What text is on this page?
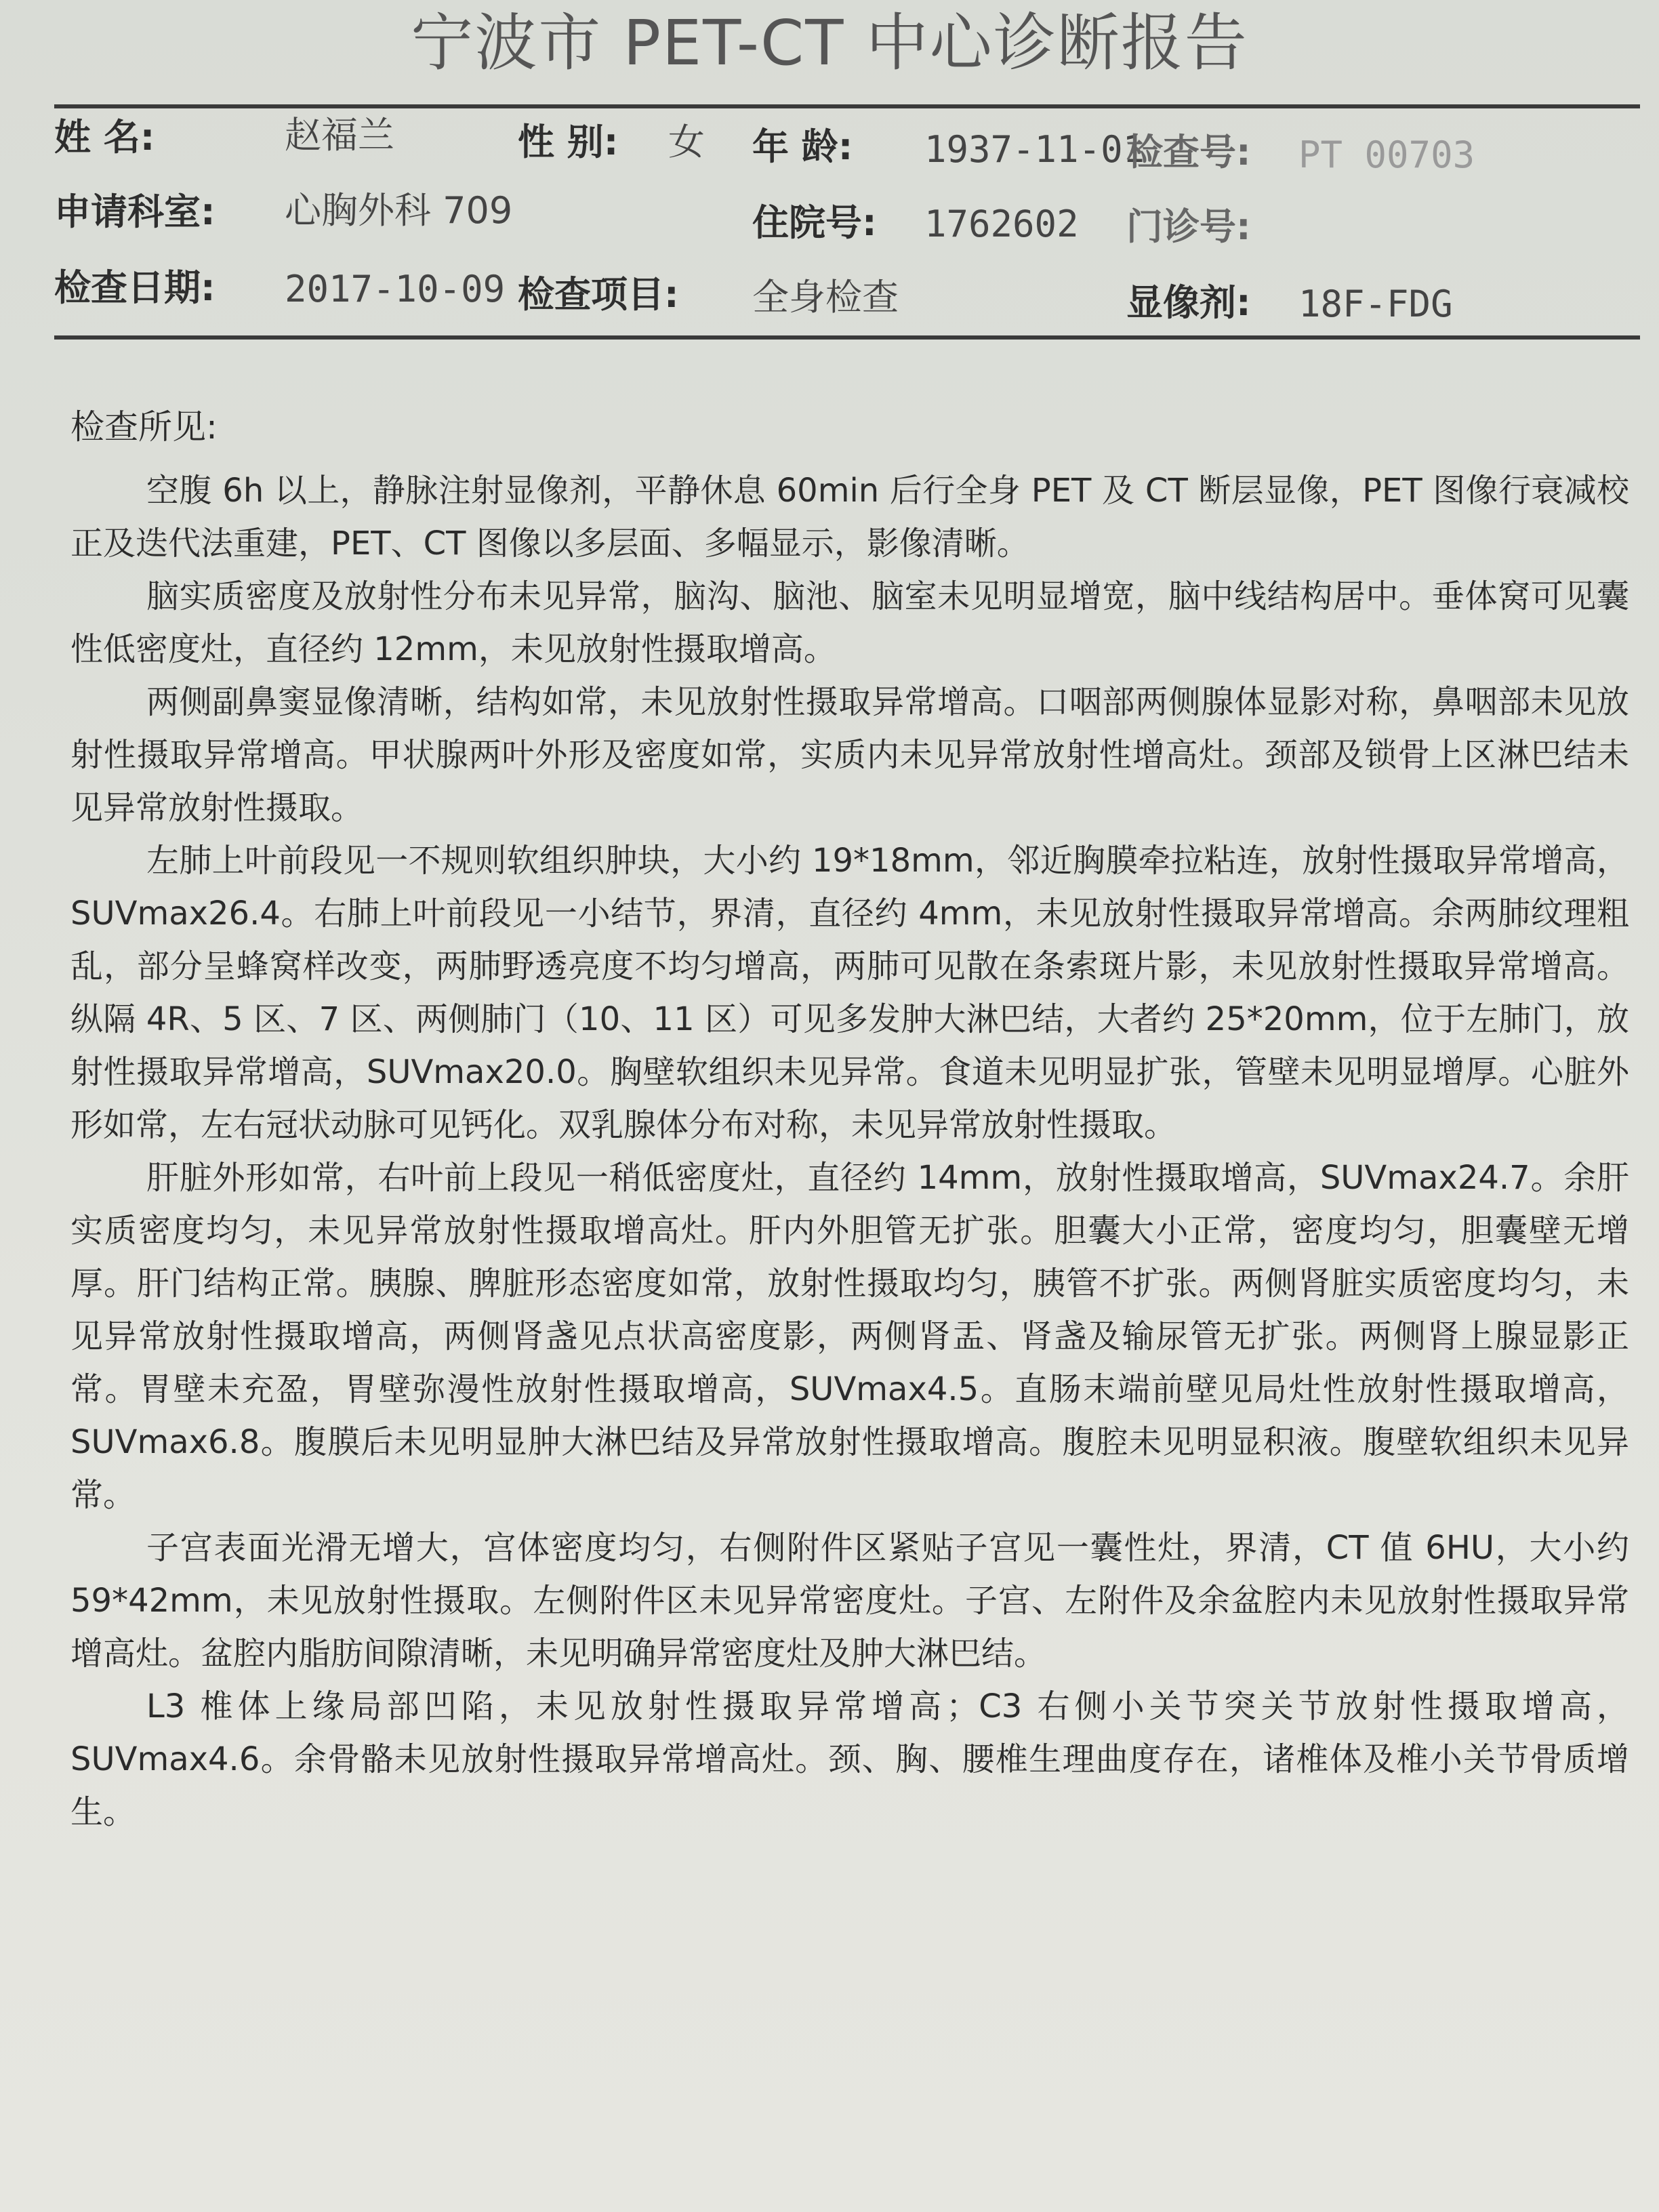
宁波市 PET-CT 中心诊断报告
姓 名:	赵福兰	性 别: 女 年 龄: 1937-11-01
检查号: PT 00703
申请科室: 心胸外科 709	住院号: 1762602 门诊号:
检查日期: 2017-10-09 检查项目: 全身检查	显像剂: 18F-FDG
检查所见:

空腹 6h 以上，静脉注射显像剂，平静休息 60min 后行全身 PET 及 CT 断层显像，PET 图像行衰减校正及迭代法重建，PET、CT 图像以多层面、多幅显示，影像清晰。

脑实质密度及放射性分布未见异常，脑沟、脑池、脑室未见明显增宽，脑中线结构居中。垂体窝可见囊性低密度灶，直径约 12mm，未见放射性摄取增高。

两侧副鼻窦显像清晰，结构如常，未见放射性摄取异常增高。口咽部两侧腺体显影对称，鼻咽部未见放射性摄取异常增高。甲状腺两叶外形及密度如常，实质内未见异常放射性增高灶。颈部及锁骨上区淋巴结未见异常放射性摄取。

左肺上叶前段见一不规则软组织肿块，大小约 19*18mm，邻近胸膜牵拉粘连，放射性摄取异常增高，SUVmax26.4。右肺上叶前段见一小结节，界清，直径约 4mm，未见放射性摄取异常增高。余两肺纹理粗乱，部分呈蜂窝样改变，两肺野透亮度不均匀增高，两肺可见散在条索斑片影，未见放射性摄取异常增高。纵隔 4R、5 区、7 区、两侧肺门（10、11 区）可见多发肿大淋巴结，大者约 25*20mm，位于左肺门，放射性摄取异常增高，SUVmax20.0。胸壁软组织未见异常。食道未见明显扩张，管壁未见明显增厚。心脏外形如常，左右冠状动脉可见钙化。双乳腺体分布对称，未见异常放射性摄取。

肝脏外形如常，右叶前上段见一稍低密度灶，直径约 14mm，放射性摄取增高，SUVmax24.7。余肝实质密度均匀，未见异常放射性摄取增高灶。肝内外胆管无扩张。胆囊大小正常，密度均匀，胆囊壁无增厚。肝门结构正常。胰腺、脾脏形态密度如常，放射性摄取均匀，胰管不扩张。两侧肾脏实质密度均匀，未见异常放射性摄取增高，两侧肾盏见点状高密度影，两侧肾盂、肾盏及输尿管无扩张。两侧肾上腺显影正常。胃壁未充盈，胃壁弥漫性放射性摄取增高，SUVmax4.5。直肠末端前壁见局灶性放射性摄取增高，SUVmax6.8。腹膜后未见明显肿大淋巴结及异常放射性摄取增高。腹腔未见明显积液。腹壁软组织未见异常。

子宫表面光滑无增大，宫体密度均匀，右侧附件区紧贴子宫见一囊性灶，界清，CT 值 6HU，大小约 59*42mm，未见放射性摄取。左侧附件区未见异常密度灶。子宫、左附件及余盆腔内未见放射性摄取异常增高灶。盆腔内脂肪间隙清晰，未见明确异常密度灶及肿大淋巴结。

L3 椎体上缘局部凹陷，未见放射性摄取异常增高；C3 右侧小关节突关节放射性摄取增高，SUVmax4.6。余骨骼未见放射性摄取异常增高灶。颈、胸、腰椎生理曲度存在，诸椎体及椎小关节骨质增生。
